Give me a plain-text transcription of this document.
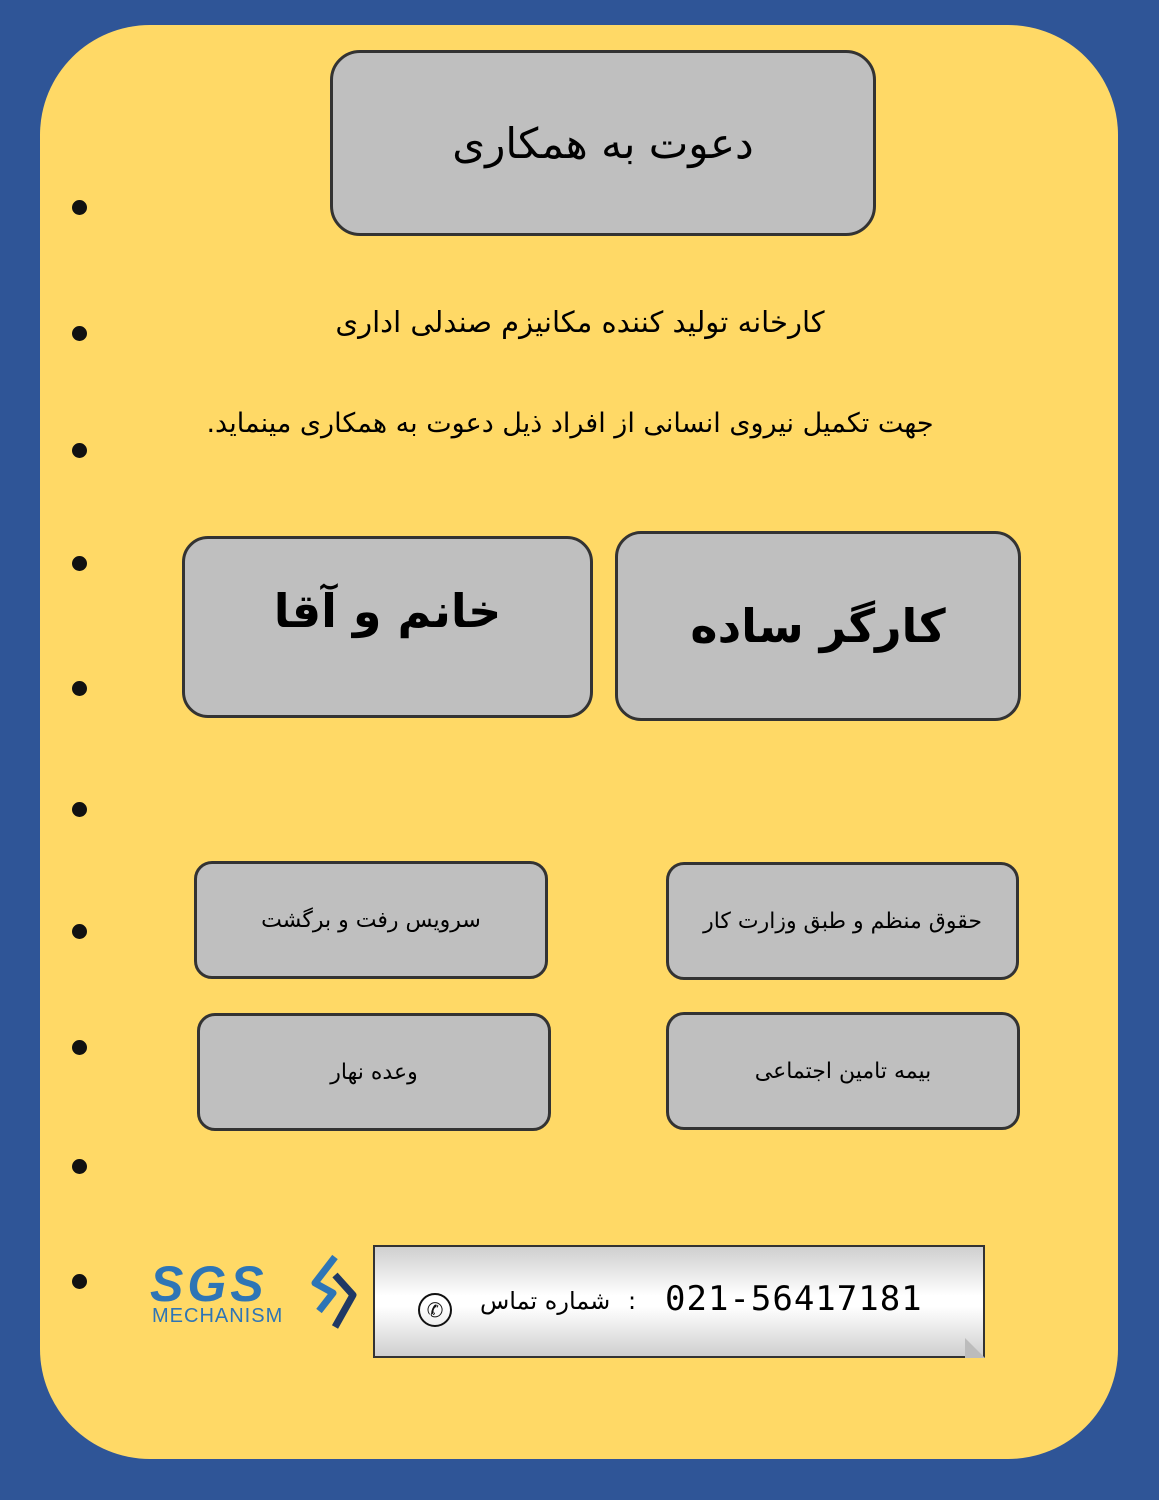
دعوت به همکاری
کارخانه تولید کننده مکانیزم صندلی اداری
جهت تکمیل نیروی انسانی از افراد ذیل دعوت به همکاری مینماید.
کارگر ساده
خانم و آقا
حقوق منظم و طبق وزارت کار
سرویس رفت و برگشت
بیمه تامین اجتماعی
وعده نهار
SGS
MECHANISM	✆	شماره تماس : 021-56417181
